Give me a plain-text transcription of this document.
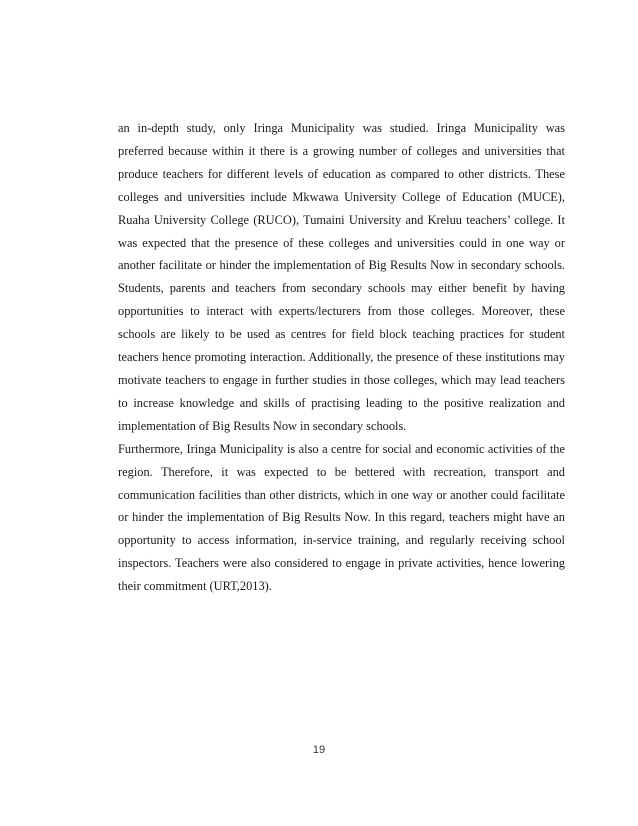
an in-depth study, only Iringa Municipality was studied. Iringa Municipality was preferred because within it there is a growing number of colleges and universities that produce teachers for different levels of education as compared to other districts. These colleges and universities include Mkwawa University College of Education (MUCE), Ruaha University College (RUCO), Tumaini University and Kreluu teachers’ college. It was expected that the presence of these colleges and universities could in one way or another facilitate or hinder the implementation of Big Results Now in secondary schools. Students, parents and teachers from secondary schools may either benefit by having opportunities to interact with experts/lecturers from those colleges. Moreover, these schools are likely to be used as centres for field block teaching practices for student teachers hence promoting interaction. Additionally, the presence of these institutions may motivate teachers to engage in further studies in those colleges, which may lead teachers to increase knowledge and skills of practising leading to the positive realization and implementation of Big Results Now in secondary schools.

Furthermore, Iringa Municipality is also a centre for social and economic activities of the region. Therefore, it was expected to be bettered with recreation, transport and communication facilities than other districts, which in one way or another could facilitate or hinder the implementation of Big Results Now. In this regard, teachers might have an opportunity to access information, in-service training, and regularly receiving school inspectors. Teachers were also considered to engage in private activities, hence lowering their commitment (URT,2013).

19
